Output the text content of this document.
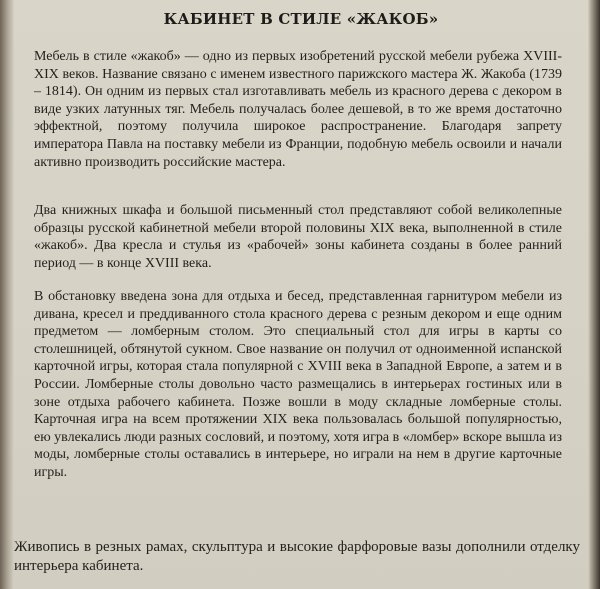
КАБИНЕТ В СТИЛЕ «ЖАКОБ»

Мебель в стиле «жакоб» — одно из первых изобретений русской мебели рубежа XVIII-XIX веков. Название связано с именем известного парижского мастера Ж. Жакоба (1739 – 1814). Он одним из первых стал изготавливать мебель из красного дерева с декором в виде узких латунных тяг. Мебель получалась более дешевой, в то же время достаточно эффектной, поэтому получила широкое распространение. Благодаря запрету императора Павла на поставку мебели из Франции, подобную мебель освоили и начали активно производить российские мастера.

Два книжных шкафа и большой письменный стол представляют собой великолепные образцы русской кабинетной мебели второй половины XIX века, выполненной в стиле «жакоб». Два кресла и стулья из «рабочей» зоны кабинета созданы в более ранний период — в конце XVIII века.

В обстановку введена зона для отдыха и бесед, представленная гарнитуром мебели из дивана, кресел и преддиванного стола красного дерева с резным декором и еще одним предметом — ломберным столом. Это специальный стол для игры в карты со столешницей, обтянутой сукном. Свое название он получил от одноименной испанской карточной игры, которая стала популярной с XVIII века в Западной Европе, а затем и в России. Ломберные столы довольно часто размещались в интерьерах гостиных или в зоне отдыха рабочего кабинета. Позже вошли в моду складные ломберные столы. Карточная игра на всем протяжении XIX века пользовалась большой популярностью, ею увлекались люди разных сословий, и поэтому, хотя игра в «ломбер» вскоре вышла из моды, ломберные столы оставались в интерьере, но играли на нем в другие карточные игры.

Живопись в резных рамах, скульптура и высокие фарфоровые вазы дополнили отделку интерьера кабинета.
